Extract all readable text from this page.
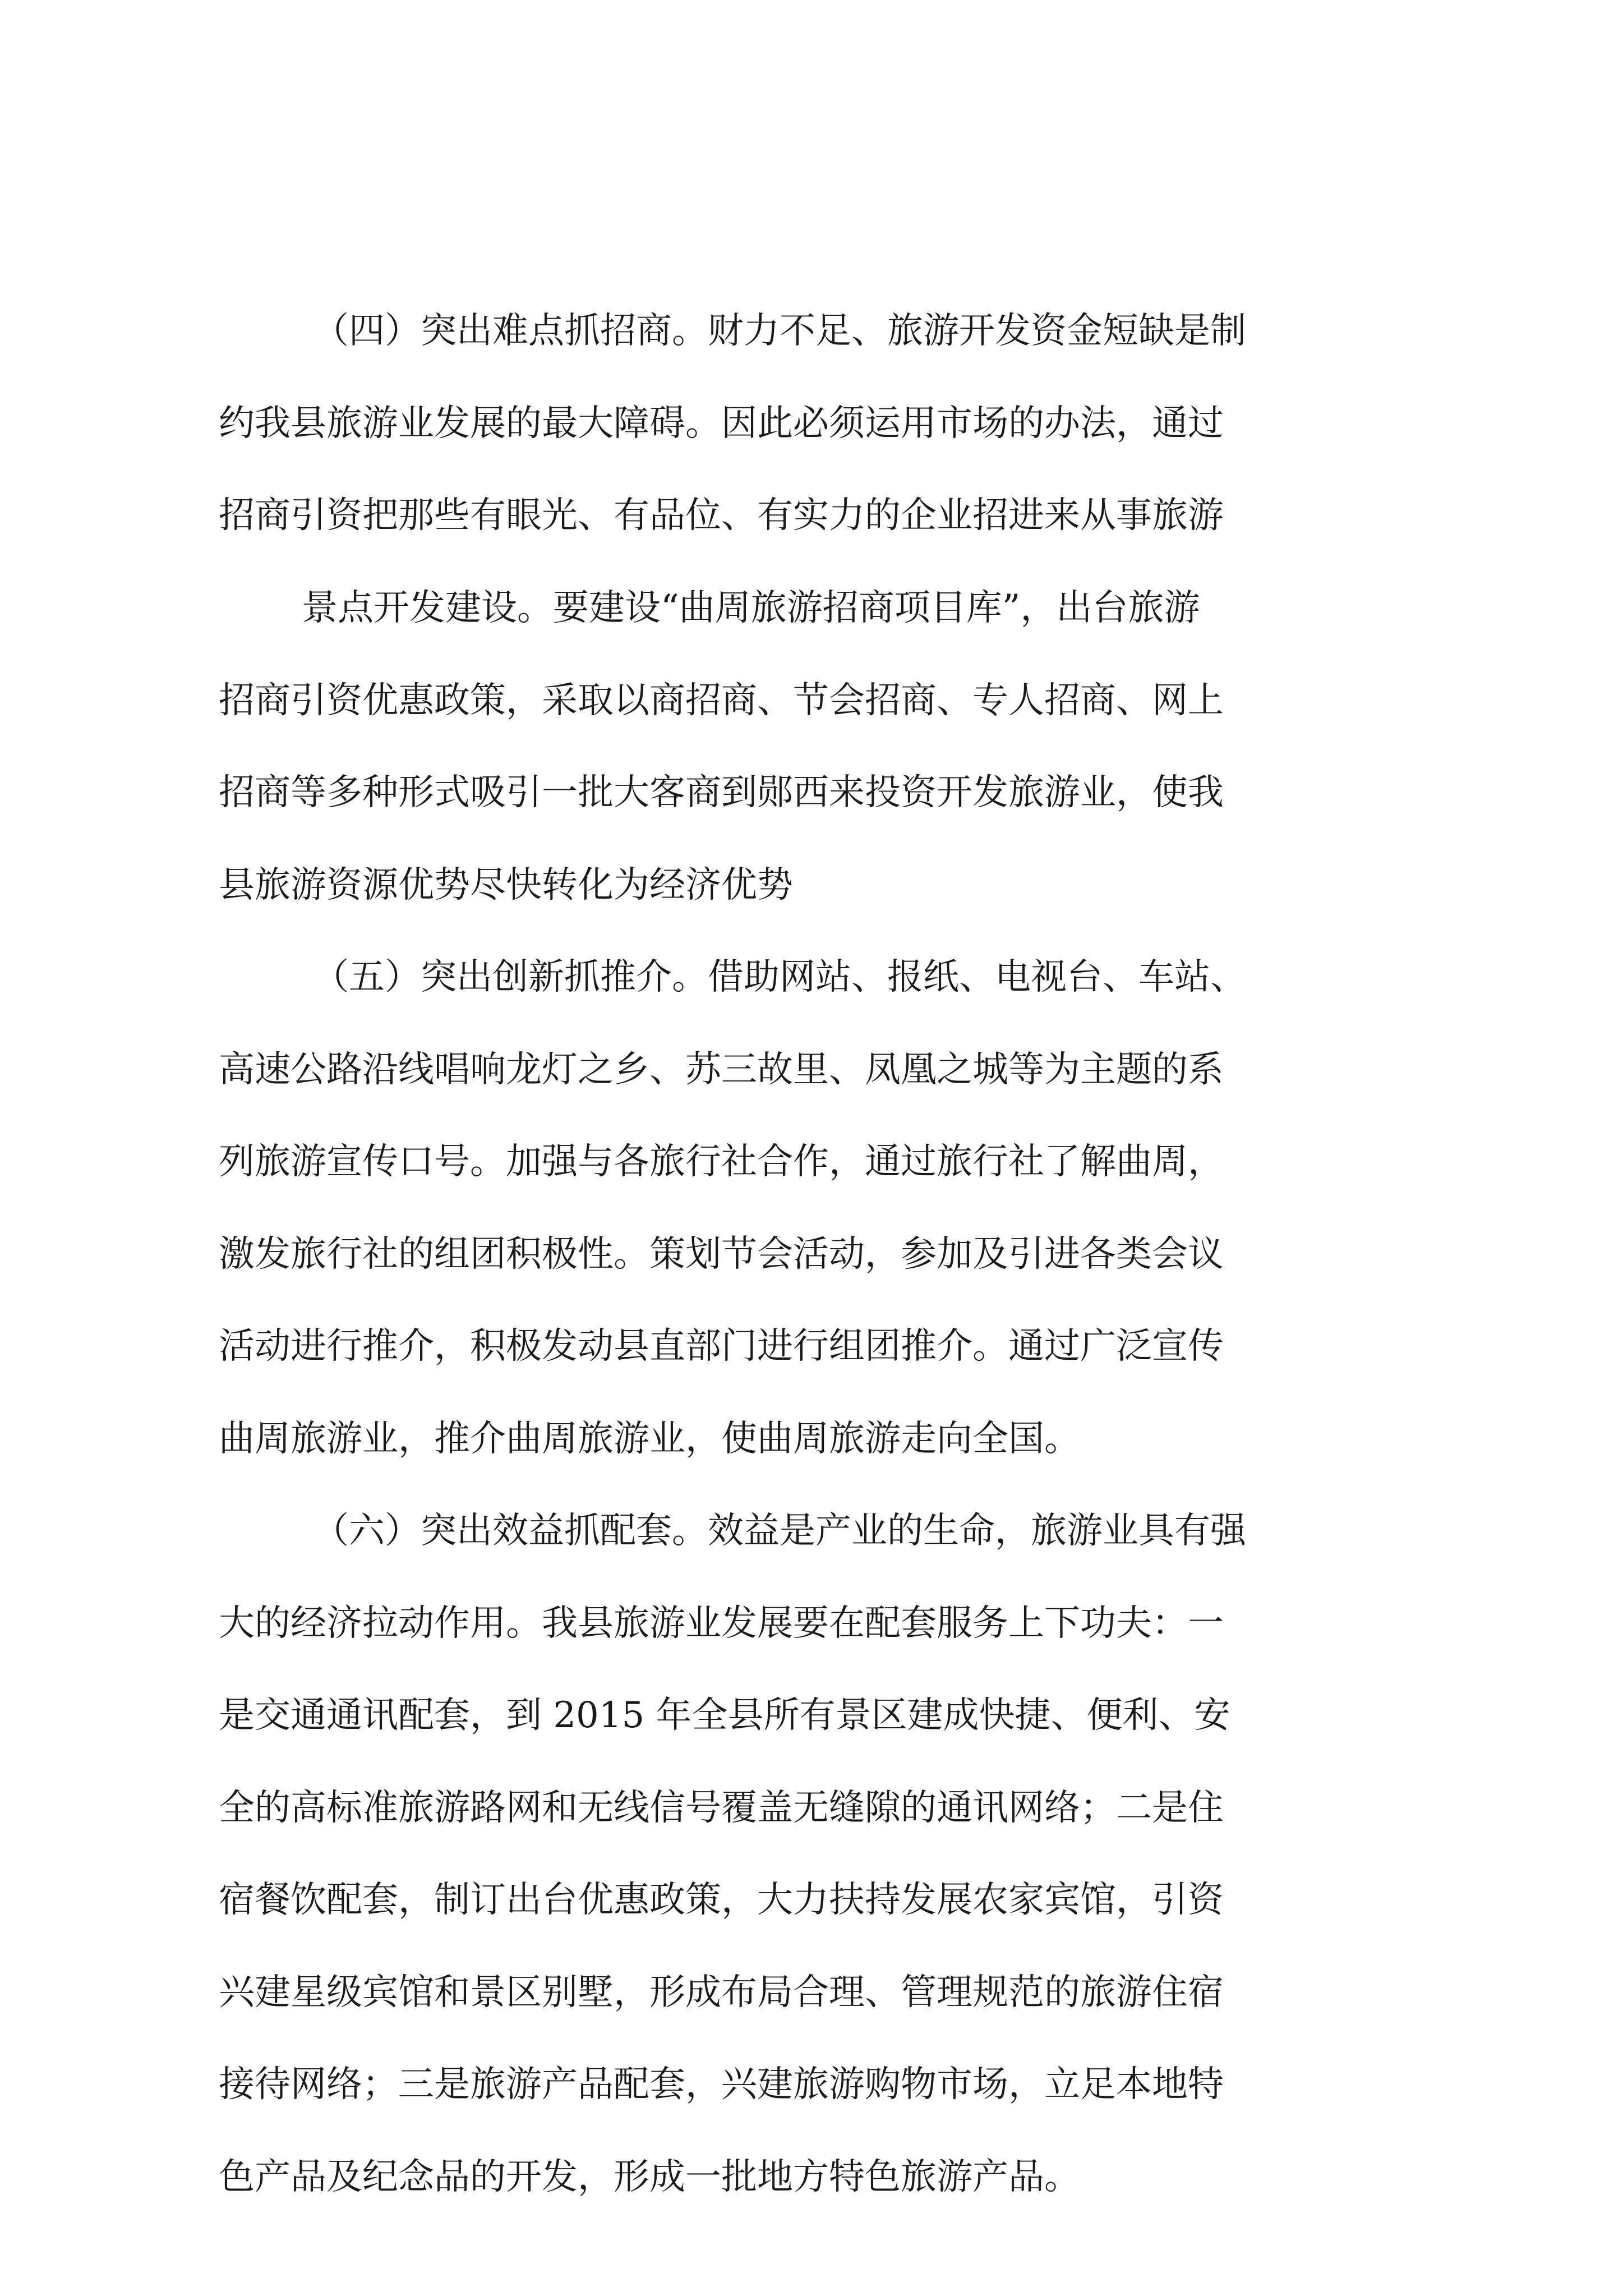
（四）突出难点抓招商。财力不足、旅游开发资金短缺是制
约我县旅游业发展的最大障碍。因此必须运用市场的办法，通过
招商引资把那些有眼光、有品位、有实力的企业招进来从事旅游
景点开发建设。要建设“曲周旅游招商项目库”，出台旅游
招商引资优惠政策，采取以商招商、节会招商、专人招商、网上
招商等多种形式吸引一批大客商到郧西来投资开发旅游业，使我
县旅游资源优势尽快转化为经济优势
（五）突出创新抓推介。借助网站、报纸、电视台、车站、
高速公路沿线唱响龙灯之乡、苏三故里、凤凰之城等为主题的系
列旅游宣传口号。加强与各旅行社合作，通过旅行社了解曲周，
激发旅行社的组团积极性。策划节会活动，参加及引进各类会议
活动进行推介，积极发动县直部门进行组团推介。通过广泛宣传
曲周旅游业，推介曲周旅游业，使曲周旅游走向全国。
（六）突出效益抓配套。效益是产业的生命，旅游业具有强
大的经济拉动作用。我县旅游业发展要在配套服务上下功夫：一
是交通通讯配套，到 2015 年全县所有景区建成快捷、便利、安
全的高标准旅游路网和无线信号覆盖无缝隙的通讯网络；二是住
宿餐饮配套，制订出台优惠政策，大力扶持发展农家宾馆，引资
兴建星级宾馆和景区别墅，形成布局合理、管理规范的旅游住宿
接待网络；三是旅游产品配套，兴建旅游购物市场，立足本地特
色产品及纪念品的开发，形成一批地方特色旅游产品。
